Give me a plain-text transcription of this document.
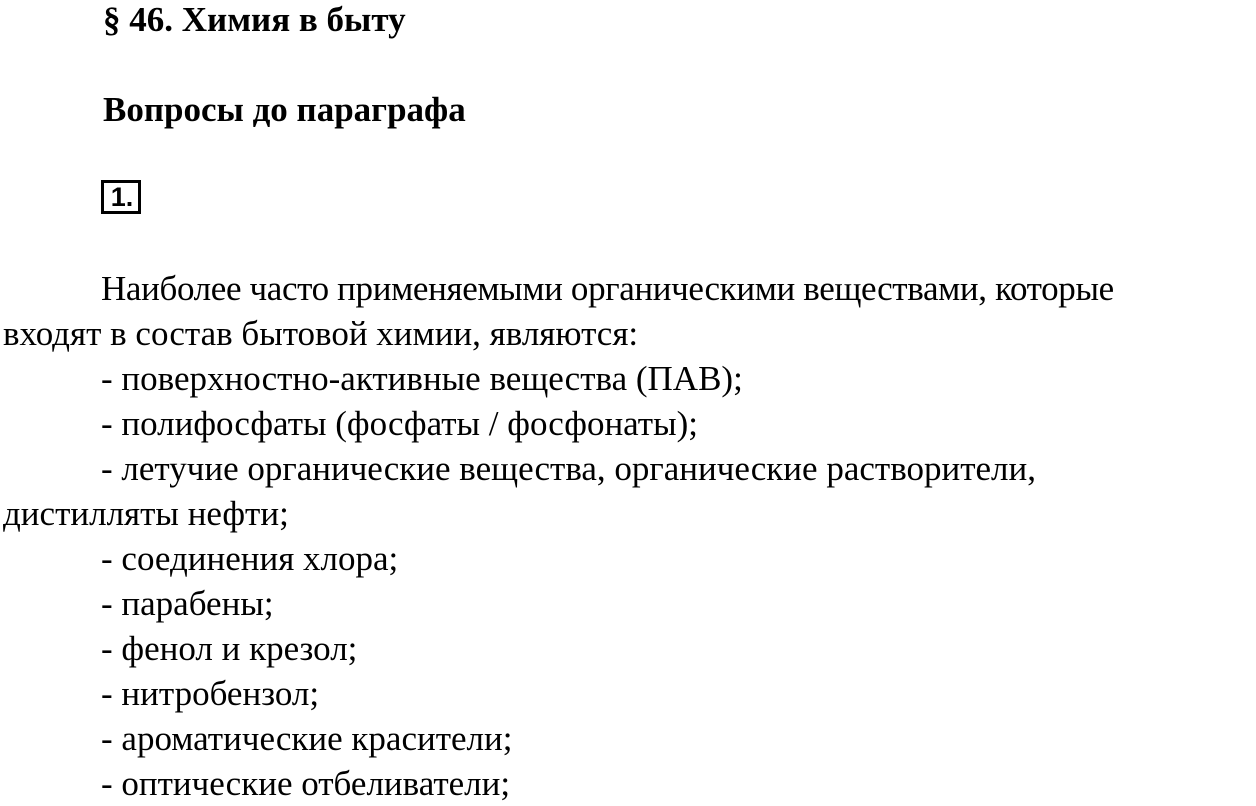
§ 46. Химия в быту
Вопросы до параграфа
1.
Наиболее часто применяемыми органическими веществами, которые
входят в состав бытовой химии, являются:
- поверхностно-активные вещества (ПАВ);
- полифосфаты (фосфаты / фосфонаты);
- летучие органические вещества, органические растворители,
дистилляты нефти;
- соединения хлора;
- парабены;
- фенол и крезол;
- нитробензол;
- ароматические красители;
- оптические отбеливатели;
